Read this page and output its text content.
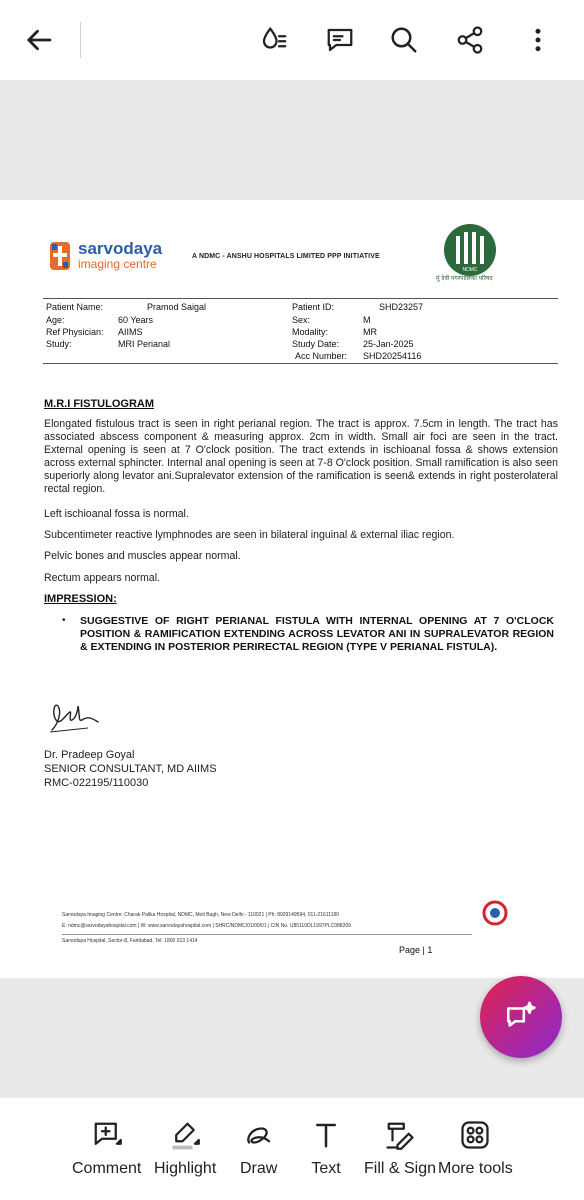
sarvodaya
imaging centre
A NDMC - ANSHU HOSPITALS LIMITED PPP INITIATIVE
NDMC
मुं देवी नगरपालिका परिषद
Patient Name:	Pramod Saigal	Patient ID:	SHD23257
Age:	60 Years	Sex:	M
Ref Physician: AIIMS	Modality:	MR
Study:	MRI Perianal	Study Date:	25-Jan-2025
Acc Number: SHD20254116
M.R.I FISTULOGRAM
Elongated fistulous tract is seen in right perianal region. The tract is approx. 7.5cm in length. The tract has associated abscess component & measuring approx. 2cm in width. Small air foci are seen in the tract. External opening is seen at 7 O'clock position. The tract extends in ischioanal fossa & shows extension across external sphincter. Internal anal opening is seen at 7-8 O'clock position. Small ramification is also seen superiorly along levator ani.Supralevator extension of the ramification is seen& extends in right posterolateral rectal region.
Left ischioanal fossa is normal.
Subcentimeter reactive lymphnodes are seen in bilateral inguinal & external iliac region.
Pelvic bones and muscles appear normal.
Rectum appears normal.
IMPRESSION:
• SUGGESTIVE OF RIGHT PERIANAL FISTULA WITH INTERNAL OPENING AT 7 O'CLOCK POSITION & RAMIFICATION EXTENDING ACROSS LEVATOR ANI IN SUPRALEVATOR REGION & EXTENDING IN POSTERIOR PERIRECTAL REGION (TYPE V PERIANAL FISTULA).
Dr. Pradeep Goyal
SENIOR CONSULTANT, MD AIIMS
RMC-022195/110030
Sarvodaya Imaging Centre: Charak Palika Hospital, NDMC, Moti Bagh, New Delhi - 110021 | Ph: 8929149594, 011-21611180
E: ndmc@sarvodayahospital.com | W: www.sarvodayahospital.com | SHRC/NDMC/01/00/01 | CIN No. U85110DL1997PLC088209
Sarvodaya Hospital, Sector-8, Faridabad, Tel: 1800 313 1414
Page | 1
Comment Highlight Draw Text Fill & Sign More tools
